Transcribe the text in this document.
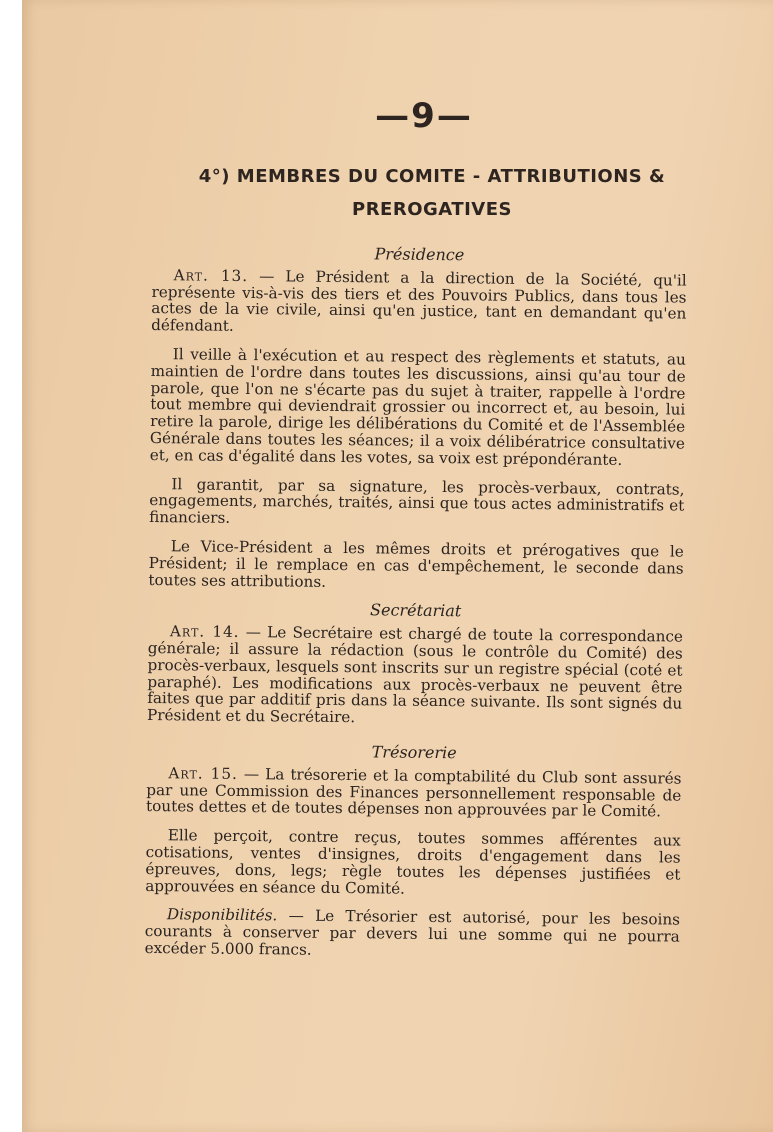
—9—
4°) MEMBRES DU COMITE - ATTRIBUTIONS &
PREROGATIVES
Présidence

Art. 13. — Le Président a la direction de la Société, qu'il représente vis-à-vis des tiers et des Pouvoirs Publics, dans tous les actes de la vie civile, ainsi qu'en justice, tant en demandant qu'en défendant.

Il veille à l'exécution et au respect des règlements et statuts, au maintien de l'ordre dans toutes les discussions, ainsi qu'au tour de parole, que l'on ne s'écarte pas du sujet à traiter, rappelle à l'ordre tout membre qui deviendrait grossier ou incorrect et, au besoin, lui retire la parole, dirige les délibérations du Comité et de l'Assemblée Générale dans toutes les séances; il a voix délibératrice consultative et, en cas d'égalité dans les votes, sa voix est prépondérante.

Il garantit, par sa signature, les procès-verbaux, contrats, engagements, marchés, traités, ainsi que tous actes administratifs et financiers.

Le Vice-Président a les mêmes droits et prérogatives que le Président; il le remplace en cas d'empêchement, le seconde dans toutes ses attributions.

Secrétariat

Art. 14. — Le Secrétaire est chargé de toute la correspondance générale; il assure la rédaction (sous le contrôle du Comité) des procès-verbaux, lesquels sont inscrits sur un registre spécial (coté et paraphé). Les modifications aux procès-verbaux ne peuvent être faites que par additif pris dans la séance suivante. Ils sont signés du Président et du Secrétaire.

Trésorerie

Art. 15. — La trésorerie et la comptabilité du Club sont assurés par une Commission des Finances personnellement responsable de toutes dettes et de toutes dépenses non approuvées par le Comité.

Elle perçoit, contre reçus, toutes sommes afférentes aux cotisations, ventes d'insignes, droits d'engagement dans les épreuves, dons, legs; règle toutes les dépenses justifiées et approuvées en séance du Comité.

Disponibilités. — Le Trésorier est autorisé, pour les besoins courants à conserver par devers lui une somme qui ne pourra excéder 5.000 francs.
